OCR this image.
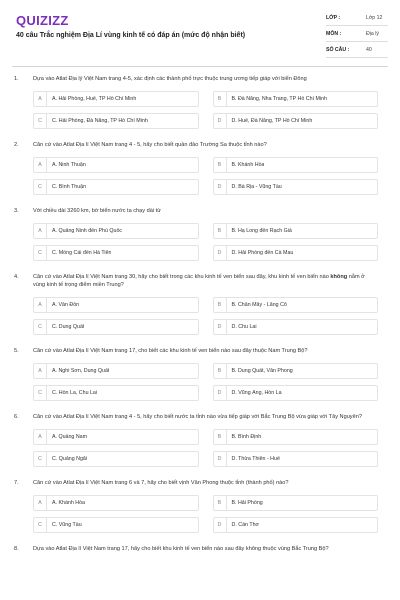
QUIZIZZ
40 câu Trắc nghiệm Địa Lí vùng kinh tế có đáp án (mức độ nhận biết)
LỚP :	Lớp 12
MÔN :	Địa lý
SỐ CÂU :	40
1.	Dựa vào Atlat Địa lý Việt Nam trang 4-5, xác định các thành phố trực thuộc trung ương tiếp giáp với biển Đông
A	A. Hải Phòng, Huế, TP Hồ Chí Minh	B	B. Đà Nẵng, Nha Trang, TP Hồ Chí Minh
C	C. Hải Phòng, Đà Nẵng, TP Hồ Chí Minh	D	D. Huế, Đà Nẵng, TP Hồ Chí Minh
2.	Căn cứ vào Atlat Địa lí Việt Nam trang 4 - 5, hãy cho biết quần đảo Trường Sa thuộc tỉnh nào?
A	A. Ninh Thuận	B	B. Khánh Hòa
C	C. Bình Thuận	D	D. Bà Rịa - Vũng Tàu
3.	Với chiều dài 3260 km, bờ biển nước ta chạy dài từ
A	A. Quảng Ninh đến Phú Quốc	B	B. Hạ Long đến Rạch Giá
C	C. Móng Cái đến Hà Tiên	D	D. Hải Phòng đến Cà Mau
4.	Căn cứ vào Atlat Địa lí Việt Nam trang 30, hãy cho biết trong các khu kinh tế ven biển sau đây, khu kinh tế ven biển nào không nằm ở vùng kinh tế trọng điểm miền Trung?
A	A. Vân Đồn	B	B. Chân Mây - Lăng Cô
C	C. Dung Quất	D	D. Chu Lai
5.	Căn cứ vào Atlat Địa lí Việt Nam trang 17, cho biết các khu kinh tế ven biển nào sau đây thuộc Nam Trung Bộ?
A	A. Nghi Sơn, Dung Quất	B	B. Dung Quất, Vân Phong
C	C. Hòn La, Chu Lai	D	D. Vũng Áng, Hòn La
6.	Căn cứ vào Atlat Địa lí Việt Nam trang 4 - 5, hãy cho biết nước ta tỉnh nào vừa tiếp giáp với Bắc Trung Bộ vừa giáp với Tây Nguyên?
A	A. Quảng Nam	B	B. Bình Định
C	C. Quảng Ngãi	D	D. Thừa Thiên - Huế
7.	Căn cứ vào Atlat Địa lí Việt Nam trang 6 và 7, hãy cho biết vịnh Vân Phong thuộc tỉnh (thành phố) nào?
A	A. Khánh Hòa	B	B. Hải Phòng
C	C. Vũng Tàu	D	D. Cần Thơ
8.	Dựa vào Atlat Địa lí Việt Nam trang 17, hãy cho biết khu kinh tế ven biển nào sau đây không thuộc vùng Bắc Trung Bộ?
